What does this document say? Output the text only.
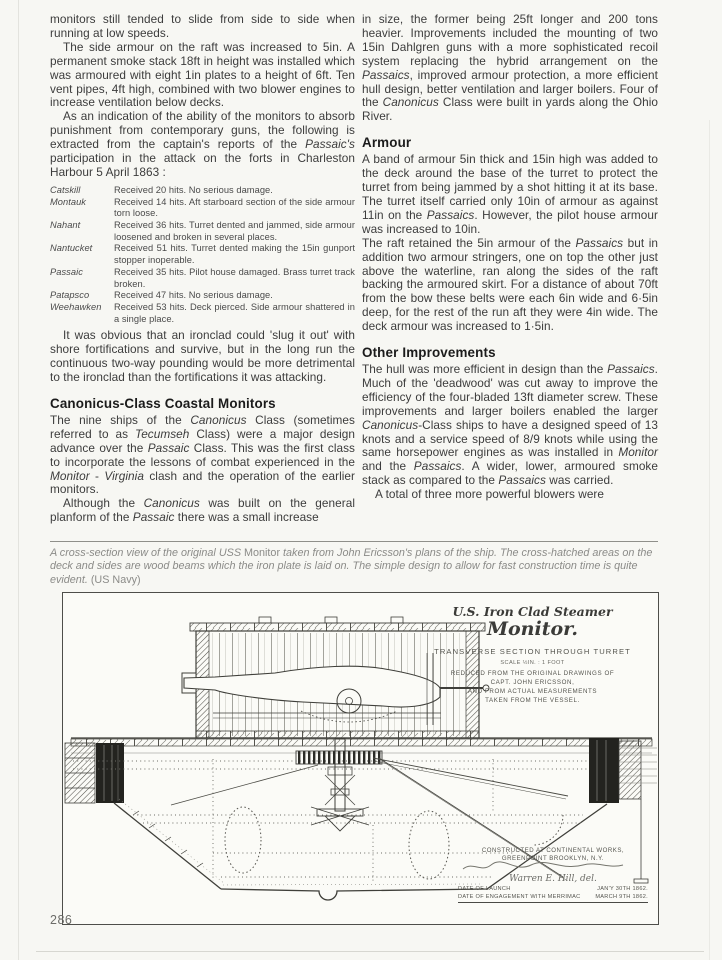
monitors still tended to slide from side to side when running at low speeds.

The side armour on the raft was increased to 5in. A permanent smoke stack 18ft in height was installed which was armoured with eight 1in plates to a height of 6ft. Ten vent pipes, 4ft high, combined with two blower engines to increase ventilation below decks.

As an indication of the ability of the monitors to absorb punishment from contemporary guns, the following is extracted from the captain's reports of the Passaic's participation in the attack on the forts in Charleston Harbour 5 April 1863 :

Catskill	Received 20 hits. No serious damage.
Montauk	Received 14 hits. Aft starboard section of the side armour torn loose.
Nahant	Received 36 hits. Turret dented and jammed, side armour loosened and broken in several places.
Nantucket	Received 51 hits. Turret dented making the 15in gunport stopper inoperable.
Passaic	Received 35 hits. Pilot house damaged. Brass turret track broken.
Patapsco	Received 47 hits. No serious damage.
Weehawken	Received 53 hits. Deck pierced. Side armour shattered in a single place.

It was obvious that an ironclad could 'slug it out' with shore fortifications and survive, but in the long run the continuous two-way pounding would be more detrimental to the ironclad than the fortifications it was attacking.

Canonicus-Class Coastal Monitors

The nine ships of the Canonicus Class (sometimes referred to as Tecumseh Class) were a major design advance over the Passaic Class. This was the first class to incorporate the lessons of combat experienced in the Monitor - Virginia clash and the operation of the earlier monitors.

Although the Canonicus was built on the general planform of the Passaic there was a small increase

in size, the former being 25ft longer and 200 tons heavier. Improvements included the mounting of two 15in Dahlgren guns with a more sophisticated recoil system replacing the hybrid arrangement on the Passaics, improved armour protection, a more efficient hull design, better ventilation and larger boilers. Four of the Canonicus Class were built in yards along the Ohio River.

Armour

A band of armour 5in thick and 15in high was added to the deck around the base of the turret to protect the turret from being jammed by a shot hitting it at its base. The turret itself carried only 10in of armour as against 11in on the Passaics. However, the pilot house armour was increased to 10in.

The raft retained the 5in armour of the Passaics but in addition two armour stringers, one on top the other just above the waterline, ran along the sides of the raft backing the armoured skirt. For a distance of about 70ft from the bow these belts were each 6in wide and 6·5in deep, for the rest of the run aft they were 4in wide. The deck armour was increased to 1·5in.

Other Improvements

The hull was more efficient in design than the Passaics. Much of the 'deadwood' was cut away to improve the efficiency of the four-bladed 13ft diameter screw. These improvements and larger boilers enabled the larger Canonicus-Class ships to have a designed speed of 13 knots and a service speed of 8/9 knots while using the same horsepower engines as was installed in Monitor and the Passaics. A wider, lower, armoured smoke stack as compared to the Passaics was carried.

A total of three more powerful blowers were

A cross-section view of the original USS Monitor taken from John Ericsson's plans of the ship. The cross-hatched areas on the deck and sides are wood beams which the iron plate is laid on. The simple design to allow for fast construction time is quite evident. (US Navy)
U.S. Iron Clad Steamer
Monitor.
TRANSVERSE SECTION THROUGH TURRET
SCALE ½IN. : 1 FOOT
REDUCED FROM THE ORIGINAL DRAWINGS OF
CAPT. JOHN ERICSSON,
AND FROM ACTUAL MEASUREMENTS
TAKEN FROM THE VESSEL.
CONSTRUCTED AT CONTINENTAL WORKS,
GREENPOINT BROOKLYN, N.Y.
Warren E. Hill, del.
DATE OF LAUNCH	JAN'Y 30TH 1862.
DATE OF ENGAGEMENT WITH MERRIMAC	MARCH 9TH 1862.
286
